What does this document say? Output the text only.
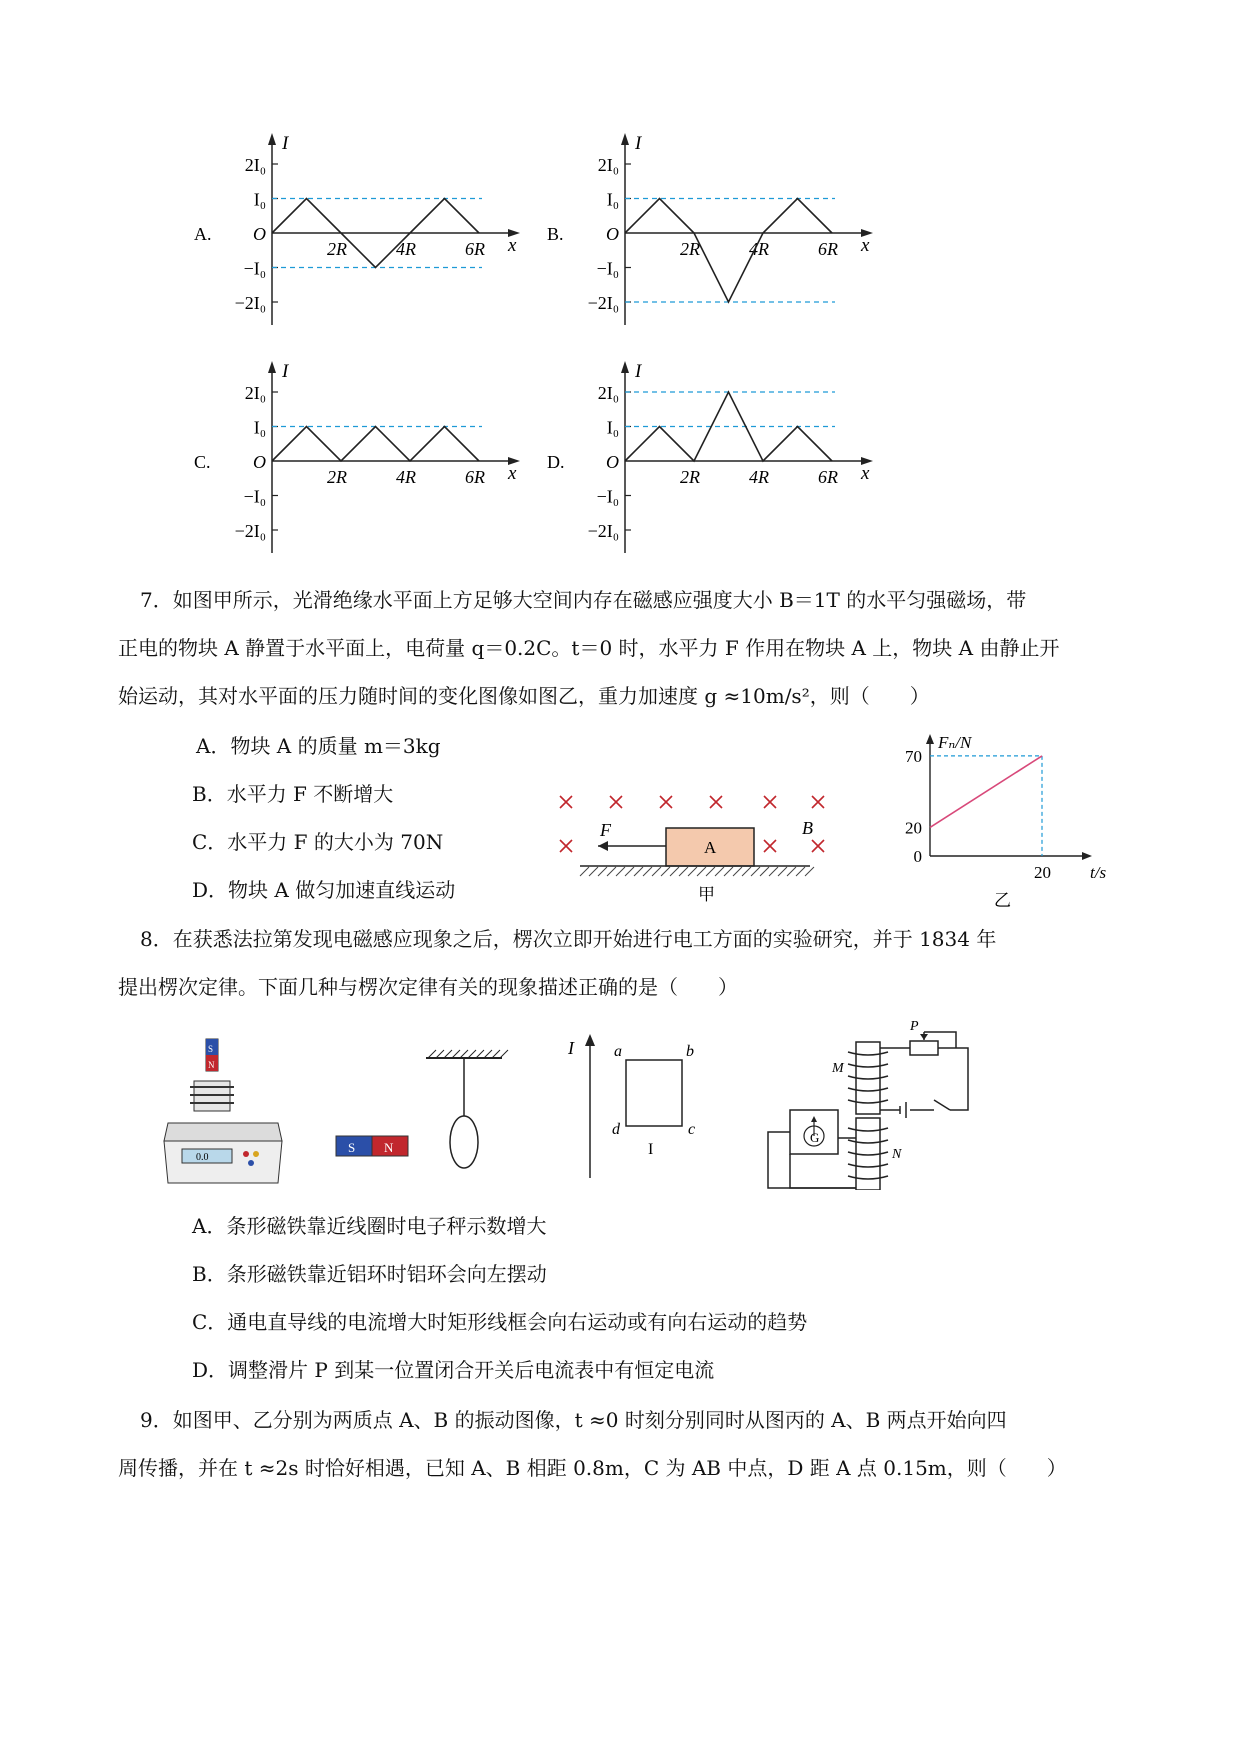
A.
I
x
2I₀
I₀
O
−I₀
−2I₀
2R	4R	6R
B.
I
x
2I₀
I₀
O
−I₀
−2I₀
2R	4R	6R
C.
I
x
2I₀
I₀
O
−I₀
−2I₀
2R	4R	6R
D.
I
x
2I₀
I₀
O
−I₀
−2I₀
2R	4R	6R
7．如图甲所示，光滑绝缘水平面上方足够大空间内存在磁感应强度大小 B＝1T 的水平匀强磁场，带
正电的物块 A 静置于水平面上，电荷量 q＝0.2C。t＝0 时，水平力 F 作用在物块 A 上，物块 A 由静止开
始运动，其对水平面的压力随时间的变化图像如图乙，重力加速度 g ≈10m/s²，则（　　）
A．物块 A 的质量 m＝3kg
B．水平力 F 不断增大
C．水平力 F 的大小为 70N
D．物块 A 做匀加速直线运动
A
F	B
甲
Fₙ/N
t/s
70
20
0
20
乙
8．在获悉法拉第发现电磁感应现象之后，楞次立即开始进行电工方面的实验研究，并于 1834 年
提出楞次定律。下面几种与楞次定律有关的现象描述正确的是（　　）
S
N
0.0
S N
I	a	b
d	c
I
G
P
M
N
A．条形磁铁靠近线圈时电子秤示数增大
B．条形磁铁靠近铝环时铝环会向左摆动
C．通电直导线的电流增大时矩形线框会向右运动或有向右运动的趋势
D．调整滑片 P 到某一位置闭合开关后电流表中有恒定电流
9．如图甲、乙分别为两质点 A、B 的振动图像，t ≈0 时刻分别同时从图丙的 A、B 两点开始向四
周传播，并在 t ≈2s 时恰好相遇，已知 A、B 相距 0.8m，C 为 AB 中点，D 距 A 点 0.15m，则（　　）
